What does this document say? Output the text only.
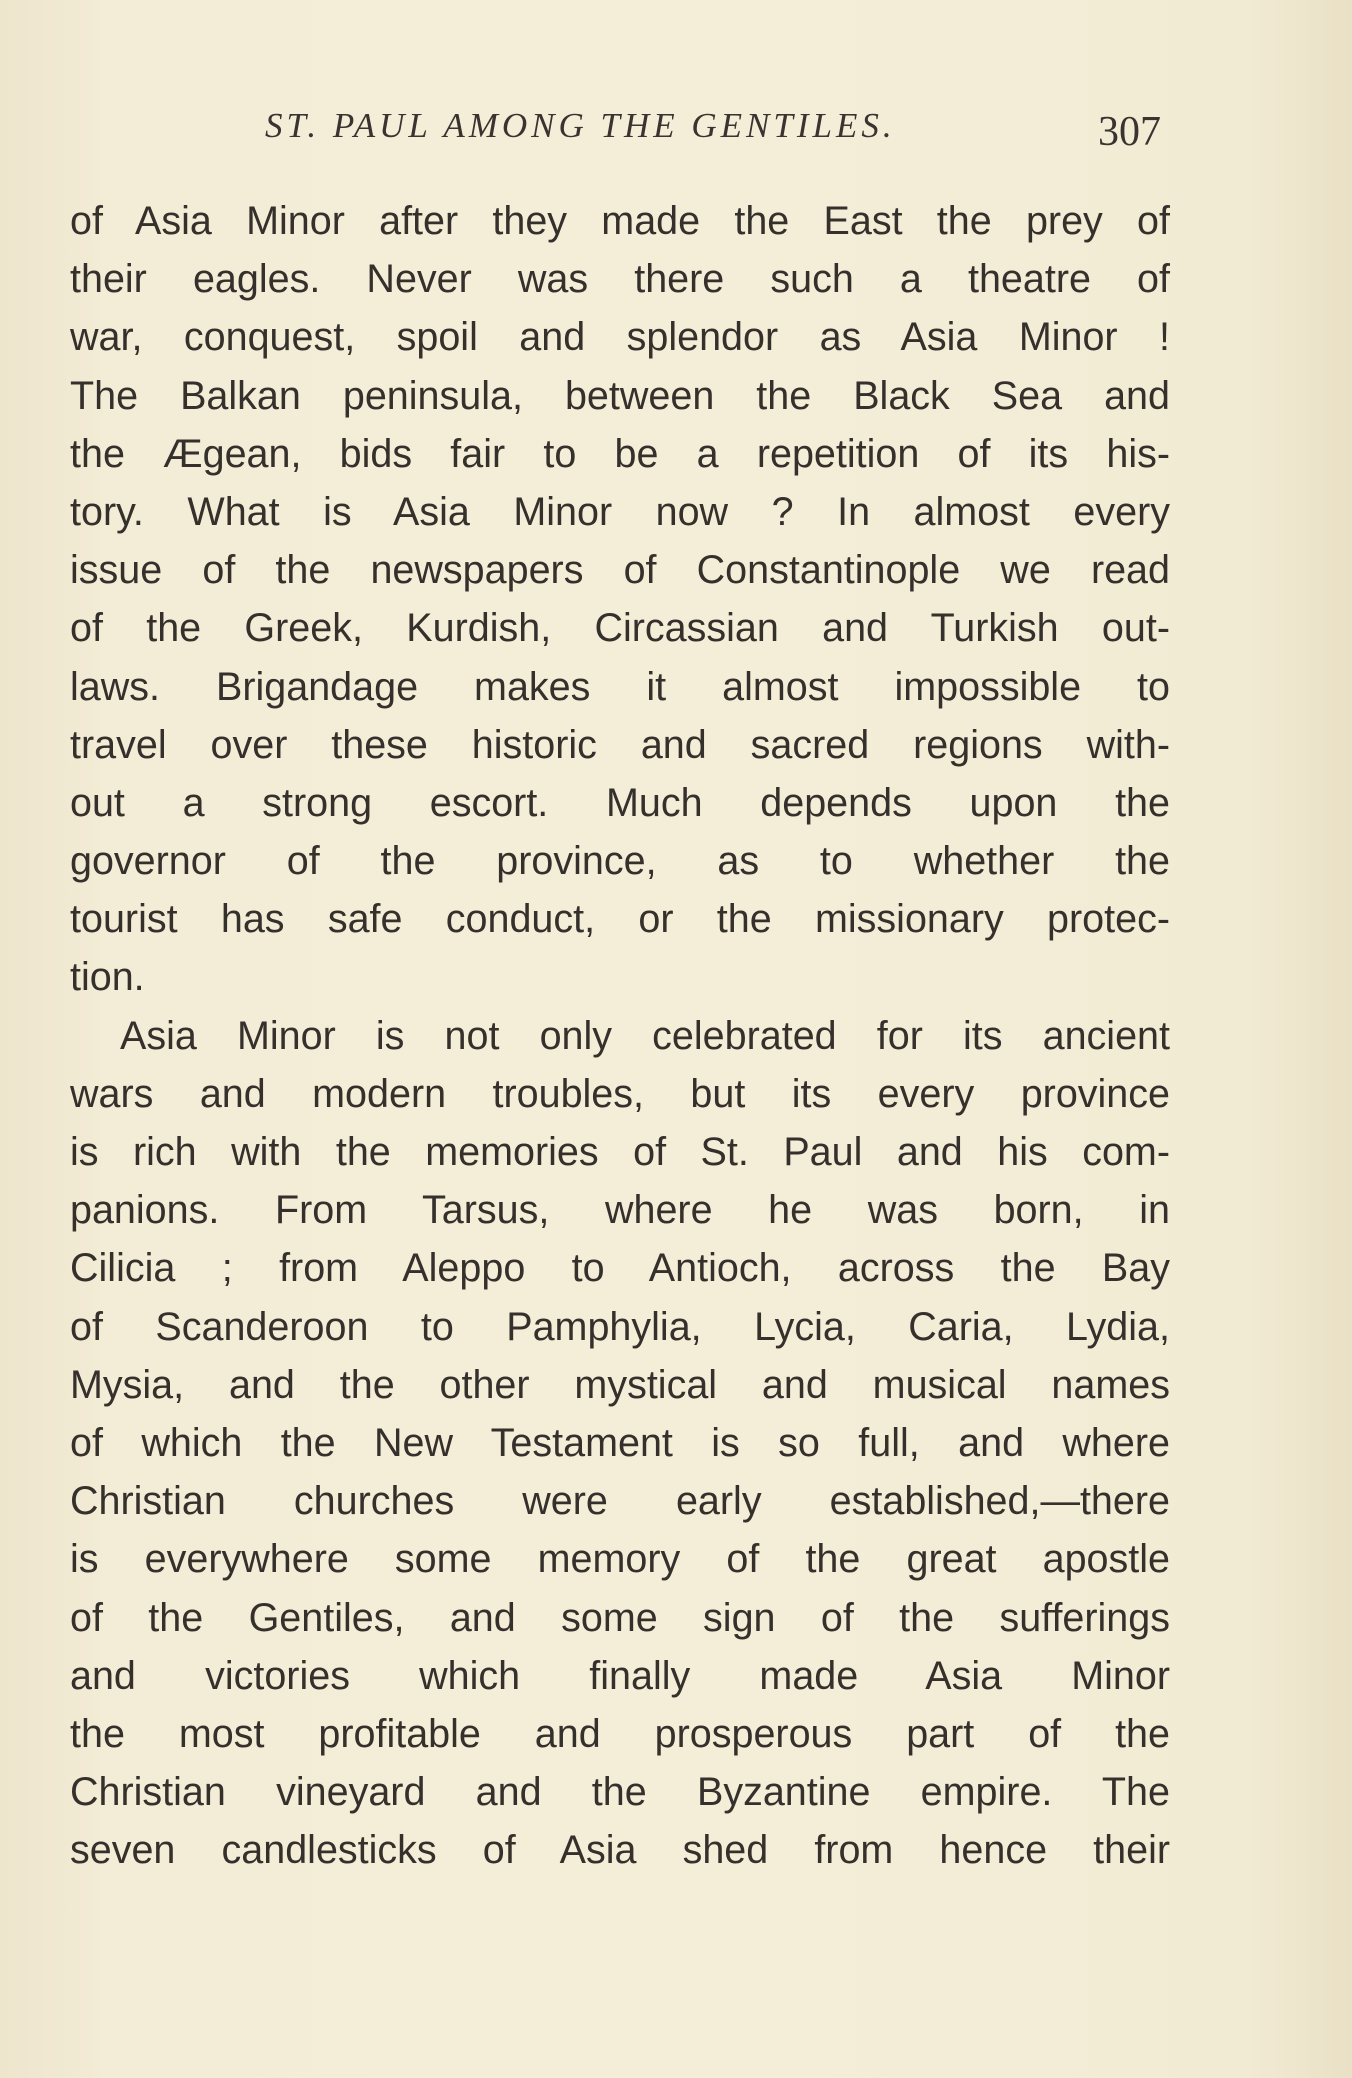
ST. PAUL AMONG THE GENTILES.	307
of Asia Minor after they made the East the prey of
their eagles. Never was there such a theatre of
war, conquest, spoil and splendor as Asia Minor !
The Balkan peninsula, between the Black Sea and
the Ægean, bids fair to be a repetition of its his-
tory. What is Asia Minor now ? In almost every
issue of the newspapers of Constantinople we read
of the Greek, Kurdish, Circassian and Turkish out-
laws. Brigandage makes it almost impossible to
travel over these historic and sacred regions with-
out a strong escort. Much depends upon the
governor of the province, as to whether the
tourist has safe conduct, or the missionary protec-
tion.
Asia Minor is not only celebrated for its ancient
wars and modern troubles, but its every province
is rich with the memories of St. Paul and his com-
panions. From Tarsus, where he was born, in
Cilicia ; from Aleppo to Antioch, across the Bay
of Scanderoon to Pamphylia, Lycia, Caria, Lydia,
Mysia, and the other mystical and musical names
of which the New Testament is so full, and where
Christian churches were early established,—there
is everywhere some memory of the great apostle
of the Gentiles, and some sign of the sufferings
and victories which finally made Asia Minor
the most profitable and prosperous part of the
Christian vineyard and the Byzantine empire. The
seven candlesticks of Asia shed from hence their
